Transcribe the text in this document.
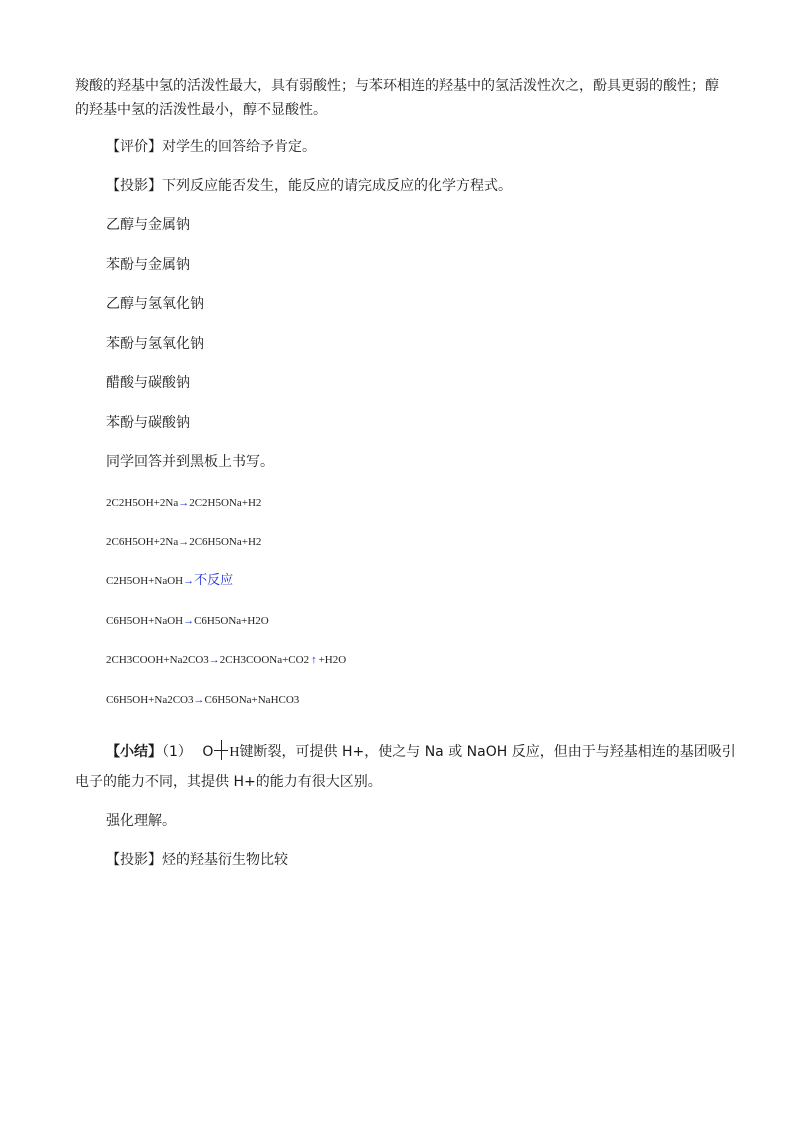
羧酸的羟基中氢的活泼性最大，具有弱酸性；与苯环相连的羟基中的氢活泼性次之，酚具更弱的酸性；醇
的羟基中氢的活泼性最小，醇不显酸性。
【评价】对学生的回答给予肯定。
【投影】下列反应能否发生，能反应的请完成反应的化学方程式。
乙醇与金属钠
苯酚与金属钠
乙醇与氢氧化钠
苯酚与氢氧化钠
醋酸与碳酸钠
苯酚与碳酸钠
同学回答并到黑板上书写。
2C2H5OH+2Na→2C2H5ONa+H2
2C6H5OH+2Na→2C6H5ONa+H2
C2H5OH+NaOH→不反应
C6H5OH+NaOH→C6H5ONa+H2O
2CH3COOH+Na2CO3→2CH3COONa+CO2 ↑ +H2O
C6H5OH+Na2CO3→C6H5ONa+NaHCO3
【小结】（1） O H键断裂，可提供 H+，使之与 Na 或 NaOH 反应，但由于与羟基相连的基团吸引
电子的能力不同，其提供 H+的能力有很大区别。
强化理解。
【投影】烃的羟基衍生物比较
